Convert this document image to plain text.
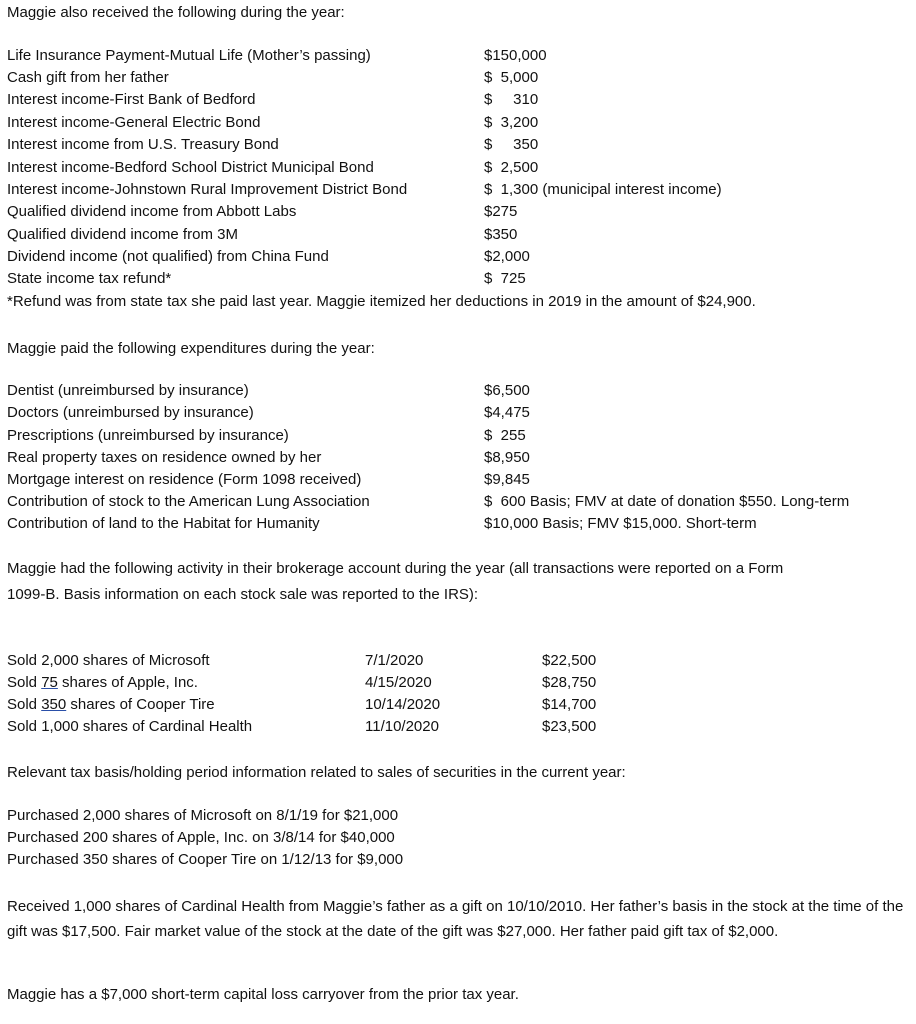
Maggie also received the following during the year:
Life Insurance Payment-Mutual Life (Mother’s passing)	$150,000
Cash gift from her father	$  5,000
Interest income-First Bank of Bedford	$     310
Interest income-General Electric Bond	$  3,200
Interest income from U.S. Treasury Bond	$     350
Interest income-Bedford School District Municipal Bond	$  2,500
Interest income-Johnstown Rural Improvement District Bond	$  1,300 (municipal interest income)
Qualified dividend income from Abbott Labs	$275
Qualified dividend income from 3M	$350
Dividend income (not qualified) from China Fund	$2,000
State income tax refund*	$  725
*Refund was from state tax she paid last year. Maggie itemized her deductions in 2019 in the amount of $24,900.
Maggie paid the following expenditures during the year:
Dentist (unreimbursed by insurance)	$6,500
Doctors (unreimbursed by insurance)	$4,475
Prescriptions (unreimbursed by insurance)	$  255
Real property taxes on residence owned by her	$8,950
Mortgage interest on residence (Form 1098 received)	$9,845
Contribution of stock to the American Lung Association	$  600 Basis; FMV at date of donation $550. Long-term
Contribution of land to the Habitat for Humanity	$10,000 Basis; FMV $15,000. Short-term
Maggie had the following activity in their brokerage account during the year (all transactions were reported on a Form
1099-B. Basis information on each stock sale was reported to the IRS):
Sold 2,000 shares of Microsoft	7/1/2020	$22,500
Sold 75 shares of Apple, Inc.	4/15/2020	$28,750
Sold 350 shares of Cooper Tire	10/14/2020	$14,700
Sold 1,000 shares of Cardinal Health	11/10/2020	$23,500
Relevant tax basis/holding period information related to sales of securities in the current year:
Purchased 2,000 shares of Microsoft on 8/1/19 for $21,000
Purchased 200 shares of Apple, Inc. on 3/8/14 for $40,000
Purchased 350 shares of Cooper Tire on 1/12/13 for $9,000
Received 1,000 shares of Cardinal Health from Maggie’s father as a gift on 10/10/2010. Her father’s basis in the stock at the time of the gift was $17,500. Fair market value of the stock at the date of the gift was $27,000. Her father paid gift tax of $2,000.
Maggie has a $7,000 short-term capital loss carryover from the prior tax year.
